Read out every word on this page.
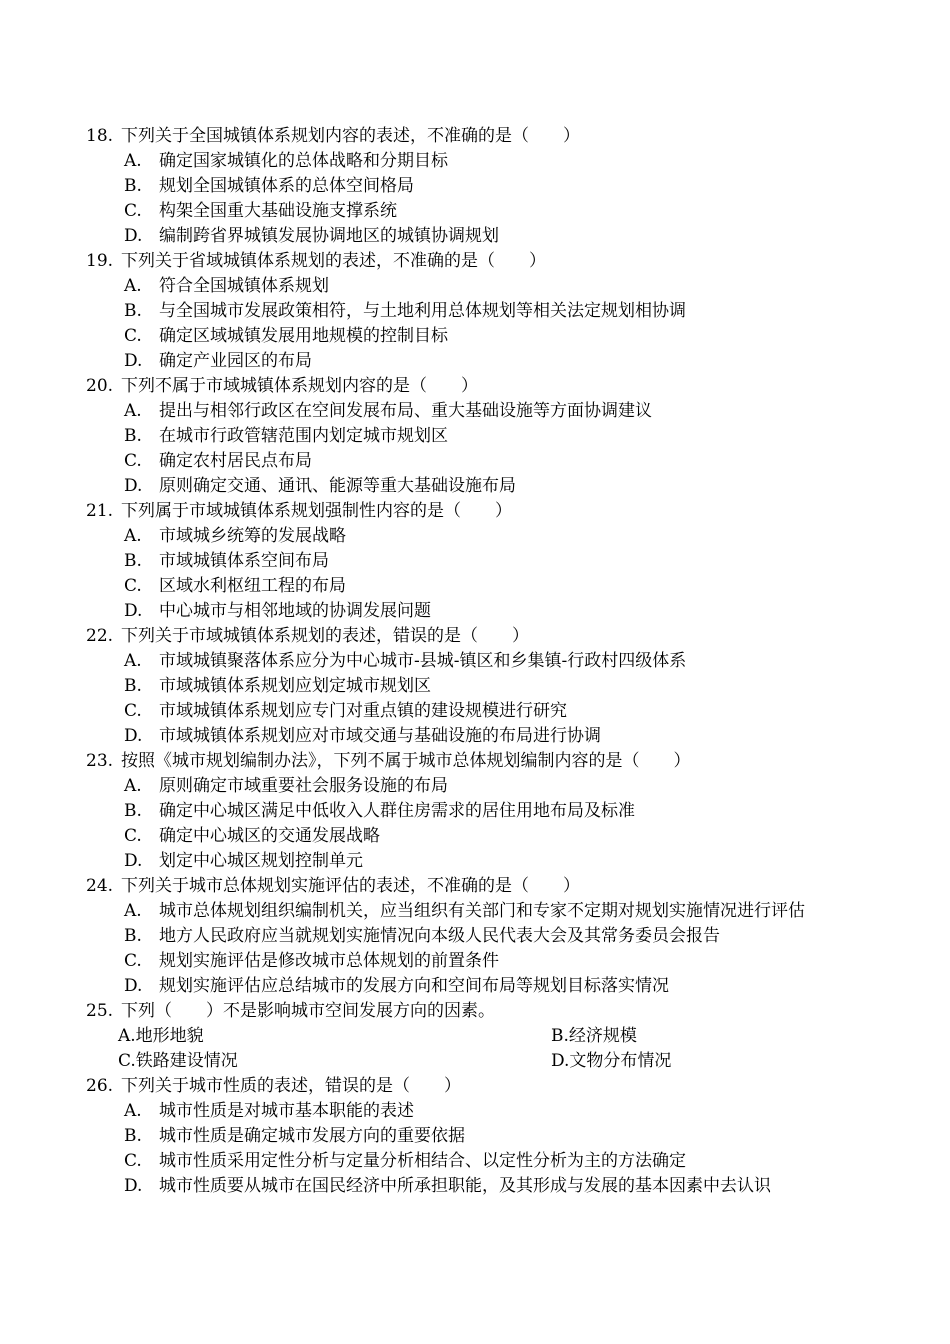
18. 下列关于全国城镇体系规划内容的表述，不准确的是（　　）
A. 确定国家城镇化的总体战略和分期目标
B. 规划全国城镇体系的总体空间格局
C. 构架全国重大基础设施支撑系统
D. 编制跨省界城镇发展协调地区的城镇协调规划
19. 下列关于省域城镇体系规划的表述，不准确的是（　　）
A. 符合全国城镇体系规划
B. 与全国城市发展政策相符，与土地利用总体规划等相关法定规划相协调
C. 确定区域城镇发展用地规模的控制目标
D. 确定产业园区的布局
20. 下列不属于市域城镇体系规划内容的是（　　）
A. 提出与相邻行政区在空间发展布局、重大基础设施等方面协调建议
B. 在城市行政管辖范围内划定城市规划区
C. 确定农村居民点布局
D. 原则确定交通、通讯、能源等重大基础设施布局
21. 下列属于市域城镇体系规划强制性内容的是（　　）
A. 市域城乡统筹的发展战略
B. 市域城镇体系空间布局
C. 区域水利枢纽工程的布局
D. 中心城市与相邻地域的协调发展问题
22. 下列关于市域城镇体系规划的表述，错误的是（　　）
A. 市域城镇聚落体系应分为中心城市-县城-镇区和乡集镇-行政村四级体系
B. 市域城镇体系规划应划定城市规划区
C. 市域城镇体系规划应专门对重点镇的建设规模进行研究
D. 市域城镇体系规划应对市域交通与基础设施的布局进行协调
23. 按照《城市规划编制办法》，下列不属于城市总体规划编制内容的是（　　）
A. 原则确定市域重要社会服务设施的布局
B. 确定中心城区满足中低收入人群住房需求的居住用地布局及标准
C. 确定中心城区的交通发展战略
D. 划定中心城区规划控制单元
24. 下列关于城市总体规划实施评估的表述，不准确的是（　　）
A. 城市总体规划组织编制机关，应当组织有关部门和专家不定期对规划实施情况进行评估
B. 地方人民政府应当就规划实施情况向本级人民代表大会及其常务委员会报告
C. 规划实施评估是修改城市总体规划的前置条件
D. 规划实施评估应总结城市的发展方向和空间布局等规划目标落实情况
25. 下列（　　）不是影响城市空间发展方向的因素。
A.地形地貌	B.经济规模
C.铁路建设情况	D.文物分布情况
26. 下列关于城市性质的表述，错误的是（　　）
A. 城市性质是对城市基本职能的表述
B. 城市性质是确定城市发展方向的重要依据
C. 城市性质采用定性分析与定量分析相结合、以定性分析为主的方法确定
D. 城市性质要从城市在国民经济中所承担职能，及其形成与发展的基本因素中去认识
